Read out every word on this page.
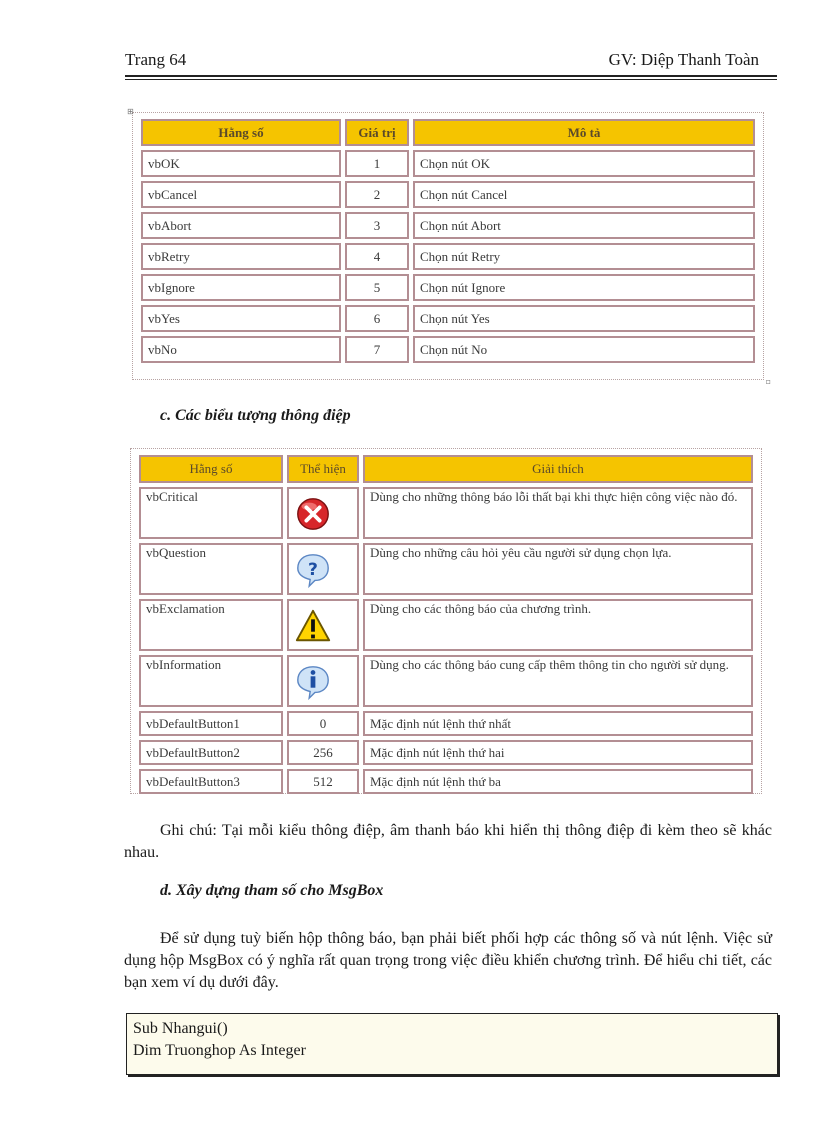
Trang 64	GV: Diệp Thanh Toàn
⊞
Hằng số	Giá trị	Mô tả
vbOK	1	Chọn nút OK
vbCancel	2	Chọn nút Cancel
vbAbort	3	Chọn nút Abort
vbRetry	4	Chọn nút Retry
vbIgnore	5	Chọn nút Ignore
vbYes	6	Chọn nút Yes
vbNo	7	Chọn nút No
▫
c. Các biểu tượng thông điệp
Hằng số	Thể hiện	Giải thích
vbCritical		Dùng cho những thông báo lỗi thất bại khi thực hiện công việc nào đó.
vbQuestion	?	Dùng cho những câu hỏi yêu cầu người sử dụng chọn lựa.
vbExclamation		Dùng cho các thông báo của chương trình.
vbInformation		Dùng cho các thông báo cung cấp thêm thông tin cho người sử dụng.
vbDefaultButton1	0	Mặc định nút lệnh thứ nhất
vbDefaultButton2	256	Mặc định nút lệnh thứ hai
vbDefaultButton3	512	Mặc định nút lệnh thứ ba
Ghi chú: Tại mỗi kiểu thông điệp, âm thanh báo khi hiển thị thông điệp đi kèm theo sẽ khác nhau.
d. Xây dựng tham số cho MsgBox
Để sử dụng tuỳ biến hộp thông báo, bạn phải biết phối hợp các thông số và nút lệnh. Việc sử dụng hộp MsgBox có ý nghĩa rất quan trọng trong việc điều khiển chương trình. Để hiểu chi tiết, các bạn xem ví dụ dưới đây.
Sub Nhangui()
Dim Truonghop As Integer
